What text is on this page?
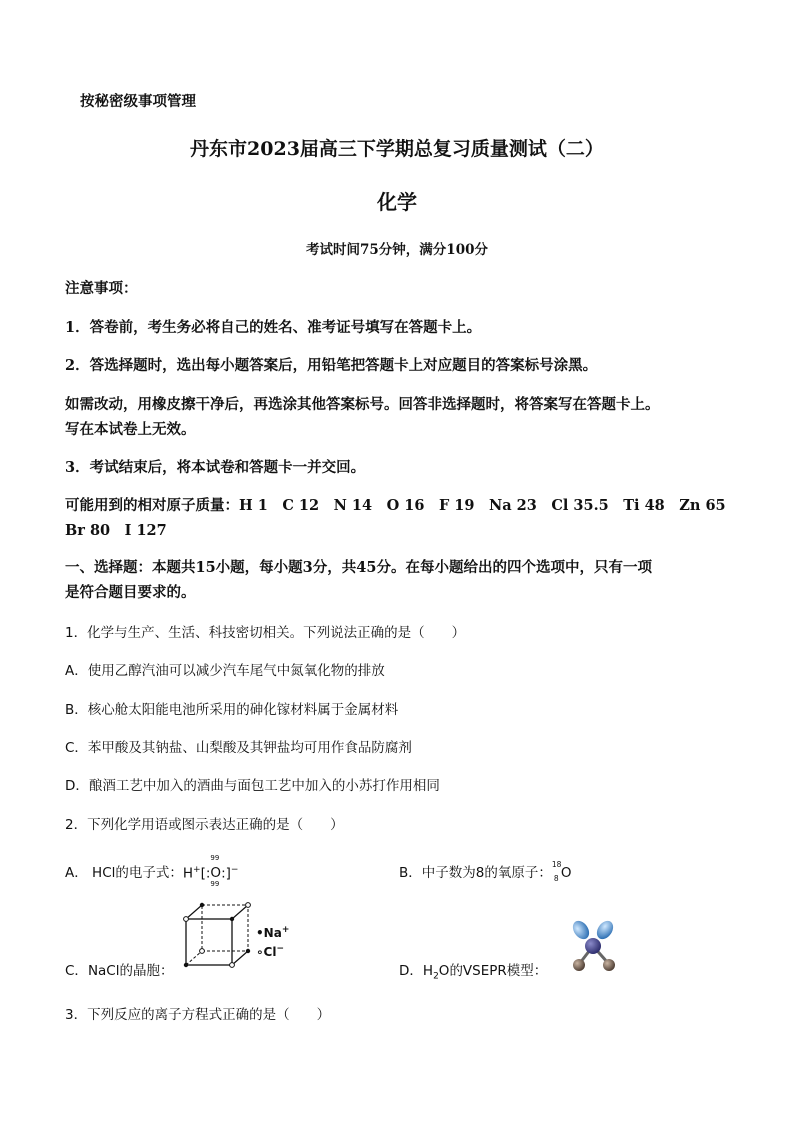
按秘密级事项管理
丹东市2023届高三下学期总复习质量测试（二）
化学
考试时间75分钟，满分100分
注意事项：
1．答卷前，考生务必将自己的姓名、准考证号填写在答题卡上。
2．答选择题时，选出每小题答案后，用铅笔把答题卡上对应题目的答案标号涂黑。
如需改动，用橡皮擦干净后，再选涂其他答案标号。回答非选择题时，将答案写在答题卡上。
写在本试卷上无效。
3．考试结束后，将本试卷和答题卡一并交回。
可能用到的相对原子质量：H 1　C 12　N 14　O 16　F 19　Na 23　Cl 35.5　Ti 48　Zn 65
Br 80　I 127
一、选择题：本题共15小题，每小题3分，共45分。在每小题给出的四个选项中，只有一项
是符合题目要求的。
1．化学与生产、生活、科技密切相关。下列说法正确的是（　　）
A．使用乙醇汽油可以减少汽车尾气中氮氧化物的排放
B．核心舱太阳能电池所采用的砷化镓材料属于金属材料
C．苯甲酸及其钠盐、山梨酸及其钾盐均可用作食品防腐剂
D．酿酒工艺中加入的酒曲与面包工艺中加入的小苏打作用相同
2．下列化学用语或图示表达正确的是（　　）
A． HCl的电子式：H+[:
99
O
99
:]−	B．中子数为8的氧原子：
18
8 O
C．NaCl的晶胞：
•Na+
∘Cl−
D．$H_2O$的VSEPR模型：
3．下列反应的离子方程式正确的是（　　）
